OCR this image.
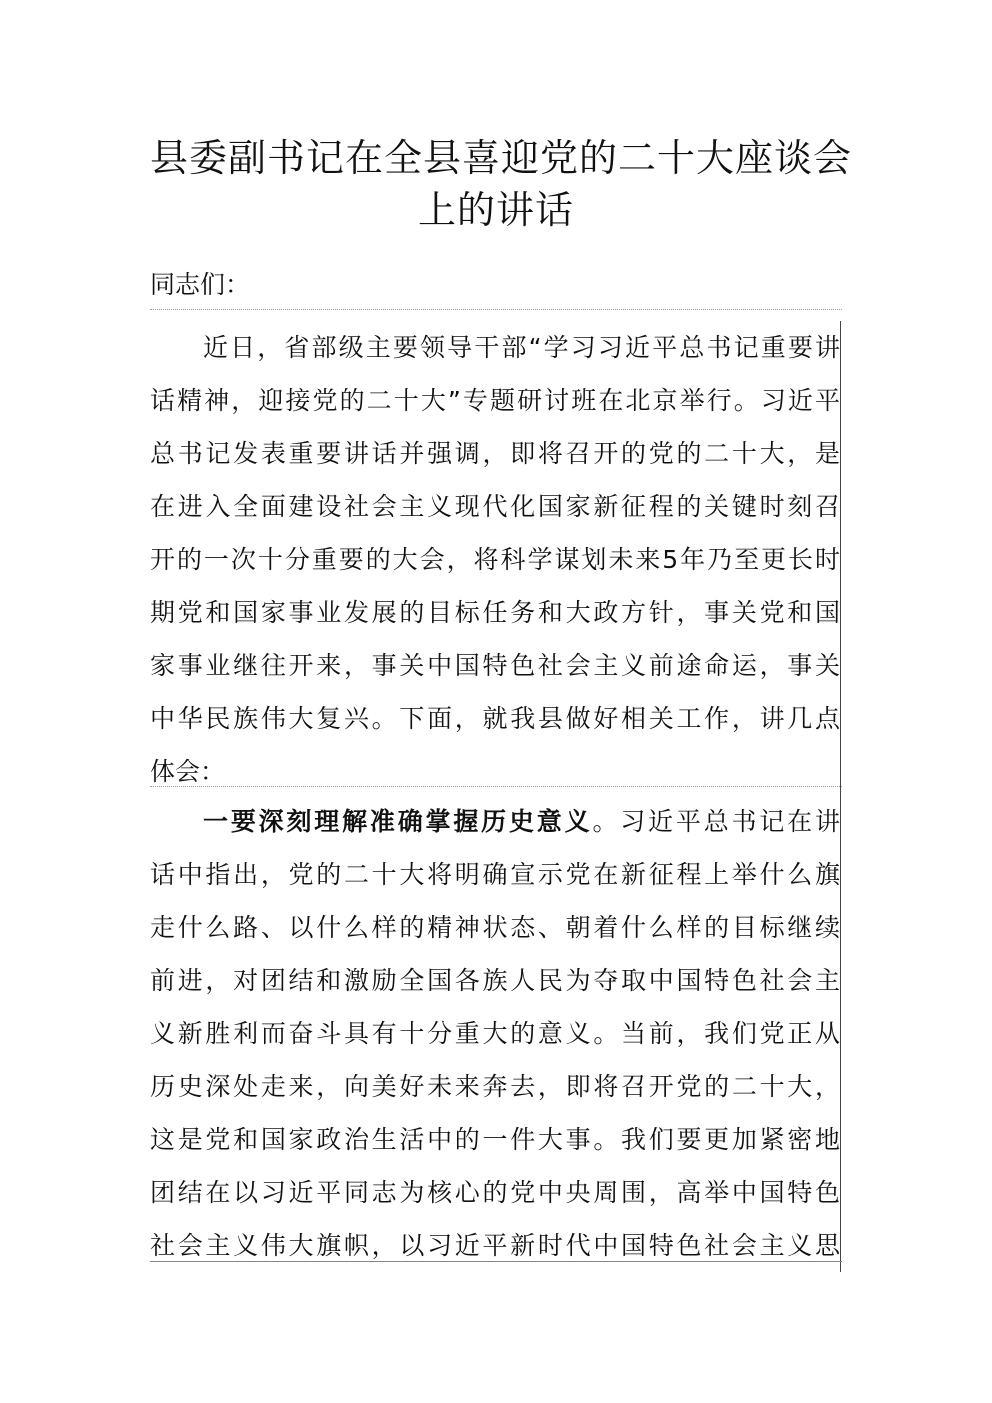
县委副书记在全县喜迎党的二十大座谈会
上的讲话
同志们：
近日，省部级主要领导干部“学习习近平总书记重要讲
话精神，迎接党的二十大”专题研讨班在北京举行。习近平
总书记发表重要讲话并强调，即将召开的党的二十大，是
在进入全面建设社会主义现代化国家新征程的关键时刻召
开的一次十分重要的大会，将科学谋划未来5年乃至更长时
期党和国家事业发展的目标任务和大政方针，事关党和国
家事业继往开来，事关中国特色社会主义前途命运，事关
中华民族伟大复兴。下面，就我县做好相关工作，讲几点
体会：
一要深刻理解准确掌握历史意义。习近平总书记在讲
话中指出，党的二十大将明确宣示党在新征程上举什么旗
走什么路、以什么样的精神状态、朝着什么样的目标继续
前进，对团结和激励全国各族人民为夺取中国特色社会主
义新胜利而奋斗具有十分重大的意义。当前，我们党正从
历史深处走来，向美好未来奔去，即将召开党的二十大，
这是党和国家政治生活中的一件大事。我们要更加紧密地
团结在以习近平同志为核心的党中央周围，高举中国特色
社会主义伟大旗帜，以习近平新时代中国特色社会主义思
